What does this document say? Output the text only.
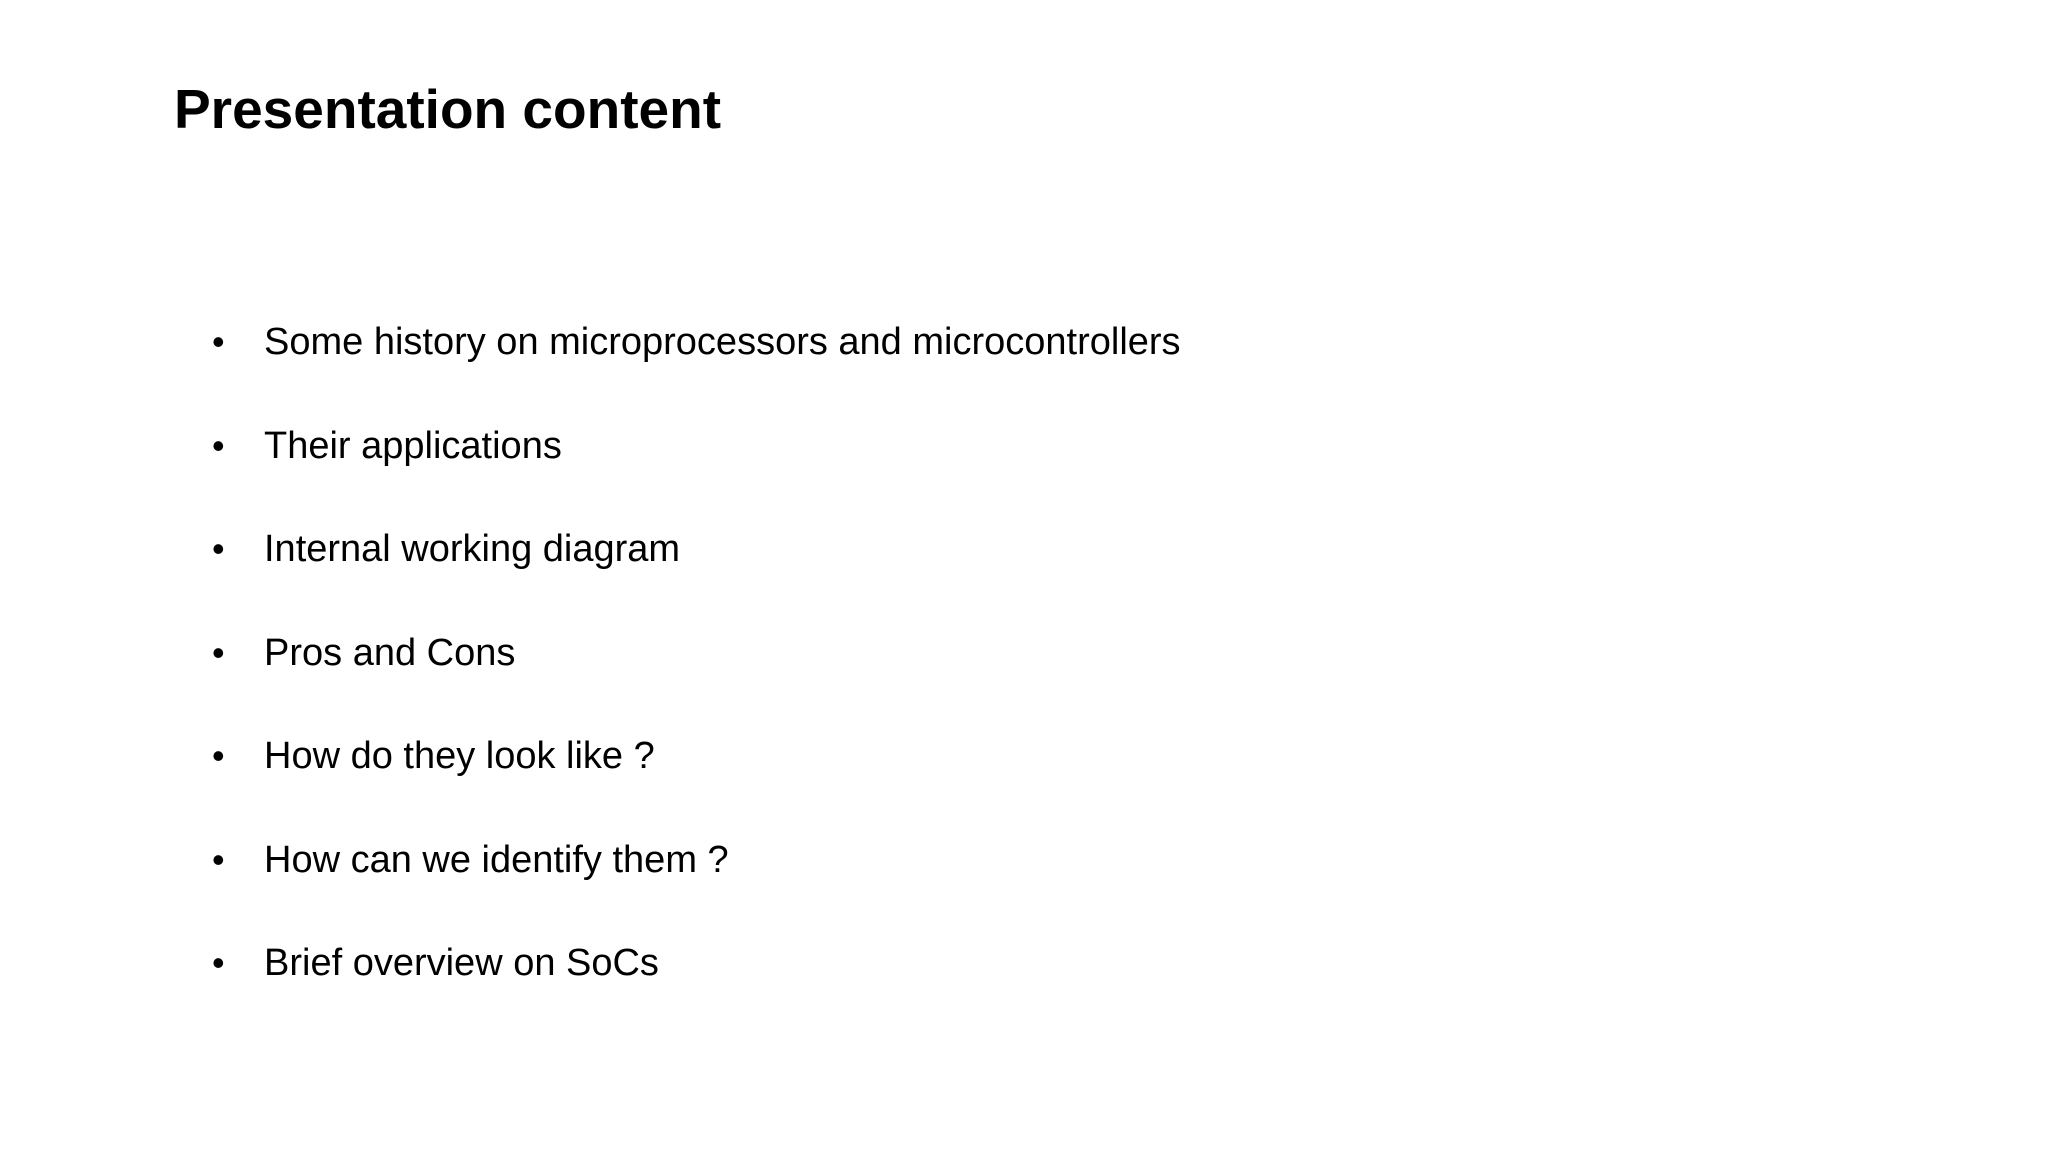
Presentation content
•	Some history on microprocessors and microcontrollers
•	Their applications
•	Internal working diagram
•	Pros and Cons
•	How do they look like ?
•	How can we identify them ?
•	Brief overview on SoCs
